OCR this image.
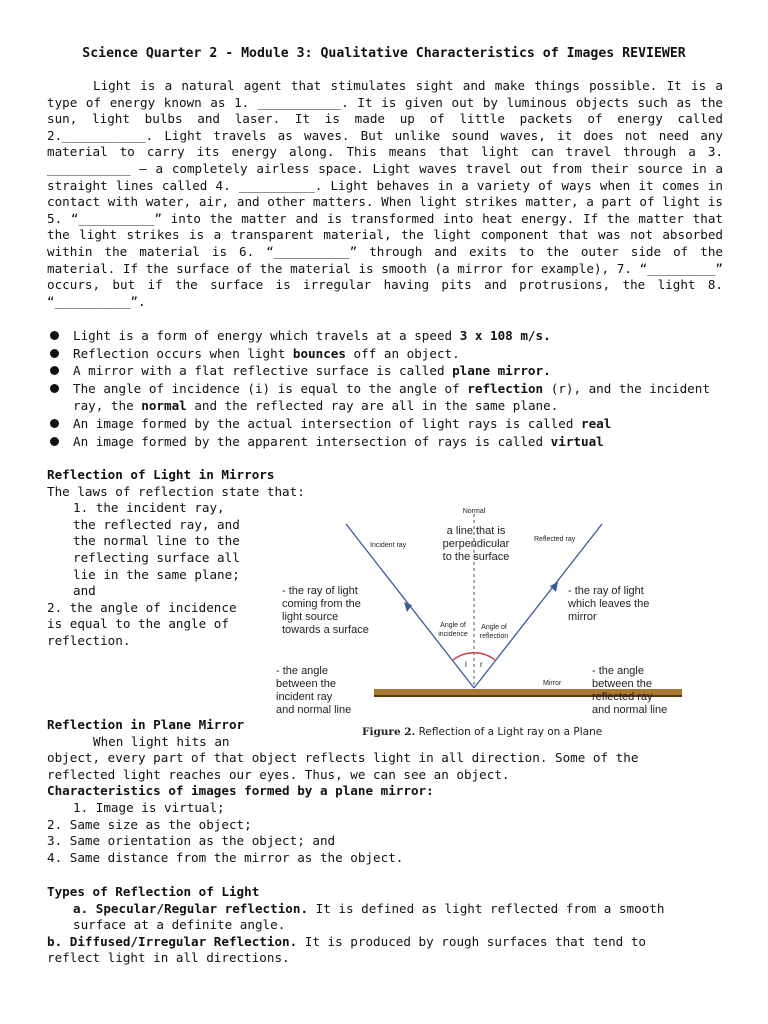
Science Quarter 2 - Module 3: Qualitative Characteristics of Images REVIEWER

Light is a natural agent that stimulates sight and make things possible. It is a type of energy known as 1. ___________. It is given out by luminous objects such as the sun, light bulbs and laser. It is made up of little packets of energy called 2.___________. Light travels as waves. But unlike sound waves, it does not need any material to carry its energy along. This means that light can travel through a 3. ___________ – a completely airless space. Light waves travel out from their source in a straight lines called 4. __________. Light behaves in a variety of ways when it comes in contact with water, air, and other matters. When light strikes matter, a part of light is 5. “__________” into the matter and is transformed into heat energy. If the matter that the light strikes is a transparent material, the light component that was not absorbed within the material is 6. “__________” through and exits to the outer side of the material. If the surface of the material is smooth (a mirror for example), 7. “_________” occurs, but if the surface is irregular having pits and protrusions, the light 8. “__________”.

Light is a form of energy which travels at a speed 3 x 108 m/s.
Reflection occurs when light bounces off an object.
A mirror with a flat reflective surface is called plane mirror.
The angle of incidence (i) is equal to the angle of reflection (r), and the incident ray, the normal and the reflected ray are all in the same plane.
An image formed by the actual intersection of light rays is called real
An image formed by the apparent intersection of rays is called virtual
Reflection of Light in Mirrors
The laws of reflection state that:
1. the incident ray,
the reflected ray, and
the normal line to the
reflecting surface all
lie in the same plane;
and
2. the angle of incidence
is equal to the angle of
reflection.
Normal
Incident ray
Reflected ray
a line that is
perpendicular
to the surface
- the ray of light
coming from the
light source
towards a surface
- the ray of light
which leaves the
mirror
Angle of
incidence
Angle of
reflection
i r
Mirror
- the angle
between the
incident ray
and normal line
- the angle
between the
reflected ray
and normal line
Figure 2. Reflection of a Light ray on a Plane
Reflection in Plane Mirror
When light hits an
object, every part of that object reflects light in all direction. Some of the
reflected light reaches our eyes. Thus, we can see an object.
Characteristics of images formed by a plane mirror:
1. Image is virtual;
2. Same size as the object;
3. Same orientation as the object; and
4. Same distance from the mirror as the object.
Types of Reflection of Light
a. Specular/Regular reflection. It is defined as light reflected from a smooth
surface at a definite angle.
b. Diffused/Irregular Reflection. It is produced by rough surfaces that tend to
reflect light in all directions.
